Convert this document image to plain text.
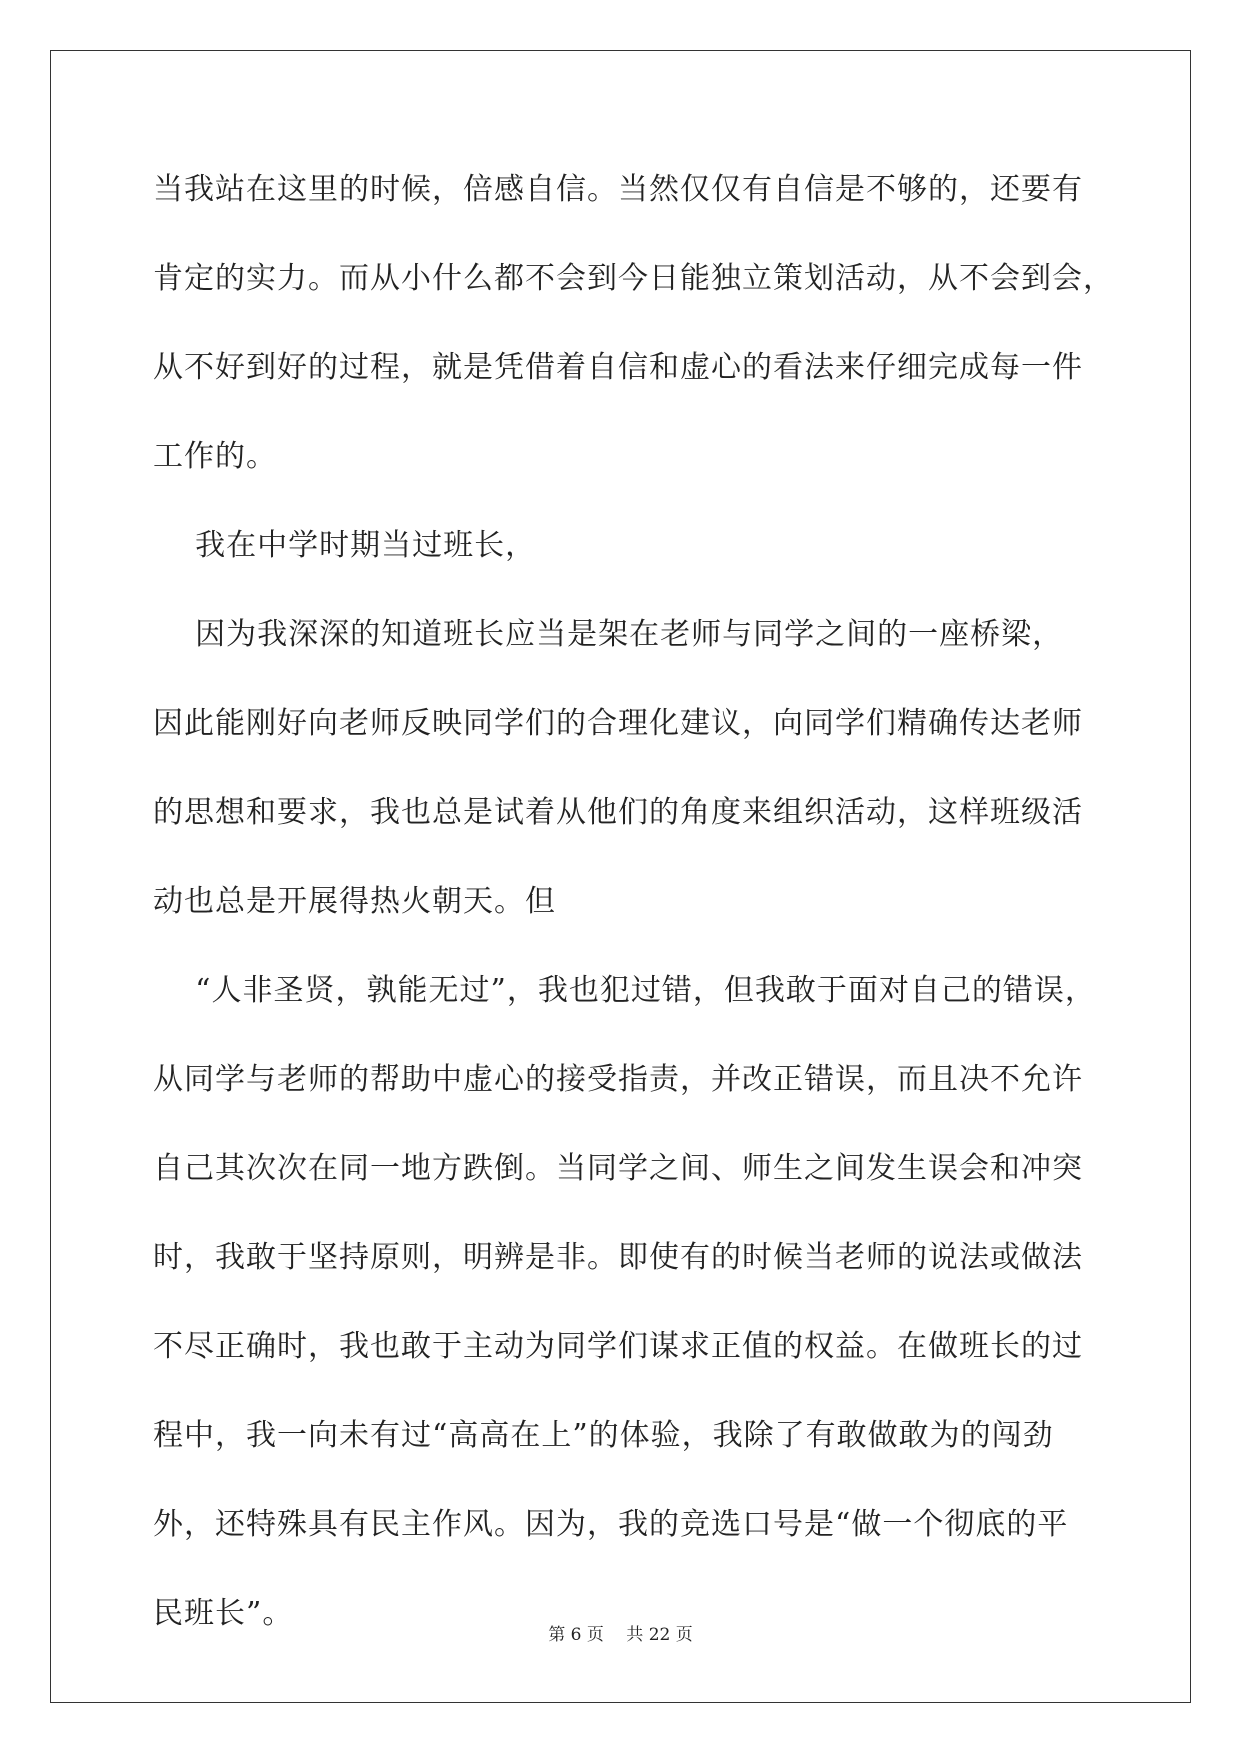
当我站在这里的时候，倍感自信。当然仅仅有自信是不够的，还要有
肯定的实力。而从小什么都不会到今日能独立策划活动，从不会到会，
从不好到好的过程，就是凭借着自信和虚心的看法来仔细完成每一件
工作的。
我在中学时期当过班长，
因为我深深的知道班长应当是架在老师与同学之间的一座桥梁，
因此能刚好向老师反映同学们的合理化建议，向同学们精确传达老师
的思想和要求，我也总是试着从他们的角度来组织活动，这样班级活
动也总是开展得热火朝天。但
“人非圣贤，孰能无过”，我也犯过错，但我敢于面对自己的错误，
从同学与老师的帮助中虚心的接受指责，并改正错误，而且决不允许
自己其次次在同一地方跌倒。当同学之间、师生之间发生误会和冲突
时，我敢于坚持原则，明辨是非。即使有的时候当老师的说法或做法
不尽正确时，我也敢于主动为同学们谋求正值的权益。在做班长的过
程中，我一向未有过“高高在上”的体验，我除了有敢做敢为的闯劲
外，还特殊具有民主作风。因为，我的竞选口号是“做一个彻底的平
民班长”。
第 6 页　 共 22 页
